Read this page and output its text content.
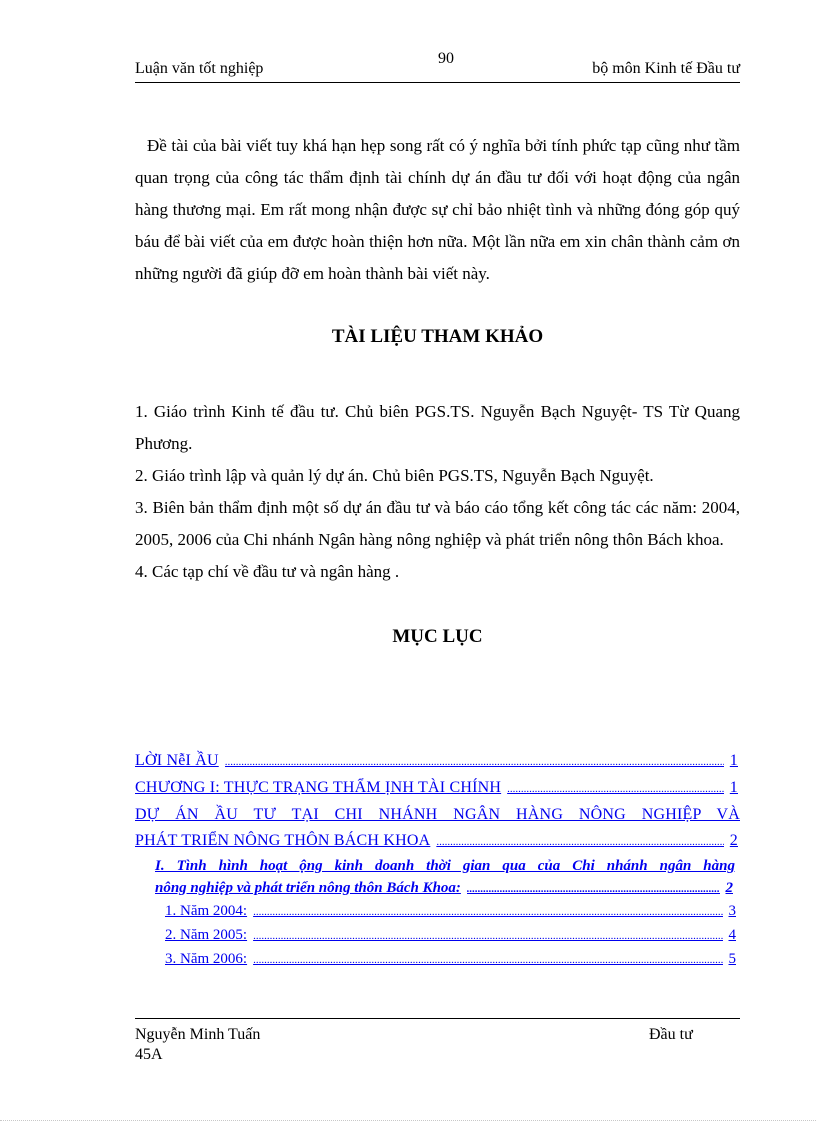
90
Luận văn tốt nghiệp	bộ môn Kinh tế Đầu tư

Đề tài của bài viết tuy khá hạn hẹp song rất có ý nghĩa bởi tính phức tạp cũng như tầm quan trọng của công tác thẩm định tài chính dự án đầu tư đối với hoạt động của ngân hàng thương mại. Em rất mong nhận được sự chỉ bảo nhiệt tình và những đóng góp quý báu để bài viết của em được hoàn thiện hơn nữa. Một lần nữa em xin chân thành cảm ơn những người đã giúp đỡ em hoàn thành bài viết này.

TÀI LIỆU THAM KHẢO
1. Giáo trình Kinh tế đầu tư. Chủ biên PGS.TS. Nguyễn Bạch Nguyệt- TS Từ Quang Phương.
2. Giáo trình lập và quản lý dự án. Chủ biên PGS.TS, Nguyễn Bạch Nguyệt.
3. Biên bản thẩm định một số dự án đầu tư và báo cáo tổng kết công tác các năm: 2004, 2005, 2006 của Chi nhánh Ngân hàng nông nghiệp và phát triển nông thôn Bách khoa.
4. Các tạp chí về đầu tư và ngân hàng .
MỤC LỤC
LỜI NễI ẦU .....	1
CHƯƠNG I: THỰC TRẠNG THẨM ỊNH TÀI CHÍNH .....	1
DỰ ÁN ẦU TƯ TẠI CHI NHÁNH NGÂN HÀNG NÔNG NGHIỆP VÀ
PHÁT TRIỂN NÔNG THÔN BÁCH KHOA .....	2
I. Tình hình hoạt ộng kinh doanh thời gian qua của Chi nhánh ngân hàng
nông nghiệp và phát triển nông thôn Bách Khoa: .....	2
1. Năm 2004: .....	3
2. Năm 2005: .....	4
3. Năm 2006: .....	5
Nguyễn Minh Tuấn	Đầu tư
45A
